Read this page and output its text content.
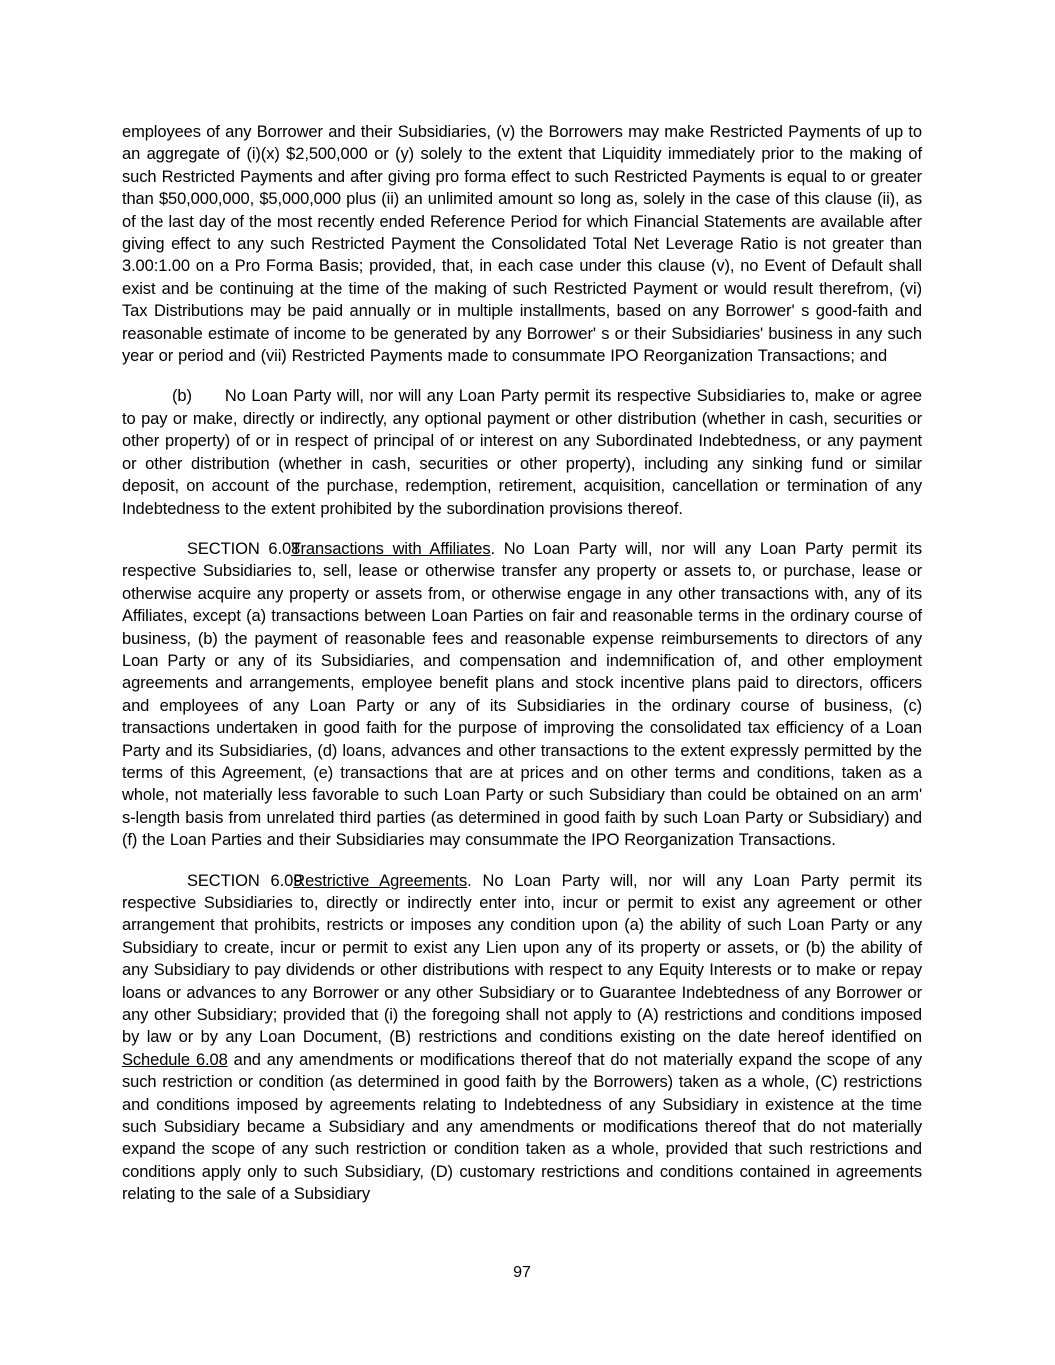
employees of any Borrower and their Subsidiaries, (v) the Borrowers may make Restricted Payments of up to an aggregate of (i)(x) $2,500,000 or (y) solely to the extent that Liquidity immediately prior to the making of such Restricted Payments and after giving pro forma effect to such Restricted Payments is equal to or greater than $50,000,000, $5,000,000 plus (ii) an unlimited amount so long as, solely in the case of this clause (ii), as of the last day of the most recently ended Reference Period for which Financial Statements are available after giving effect to any such Restricted Payment the Consolidated Total Net Leverage Ratio is not greater than 3.00:1.00 on a Pro Forma Basis; provided, that, in each case under this clause (v), no Event of Default shall exist and be continuing at the time of the making of such Restricted Payment or would result therefrom, (vi) Tax Distributions may be paid annually or in multiple installments, based on any Borrower' s good-faith and reasonable estimate of income to be generated by any Borrower' s or their Subsidiaries' business in any such year or period and (vii) Restricted Payments made to consummate IPO Reorganization Transactions; and

(b) No Loan Party will, nor will any Loan Party permit its respective Subsidiaries to, make or agree to pay or make, directly or indirectly, any optional payment or other distribution (whether in cash, securities or other property) of or in respect of principal of or interest on any Subordinated Indebtedness, or any payment or other distribution (whether in cash, securities or other property), including any sinking fund or similar deposit, on account of the purchase, redemption, retirement, acquisition, cancellation or termination of any Indebtedness to the extent prohibited by the subordination provisions thereof.

SECTION 6.08Transactions with Affiliates. No Loan Party will, nor will any Loan Party permit its respective Subsidiaries to, sell, lease or otherwise transfer any property or assets to, or purchase, lease or otherwise acquire any property or assets from, or otherwise engage in any other transactions with, any of its Affiliates, except (a) transactions between Loan Parties on fair and reasonable terms in the ordinary course of business, (b) the payment of reasonable fees and reasonable expense reimbursements to directors of any Loan Party or any of its Subsidiaries, and compensation and indemnification of, and other employment agreements and arrangements, employee benefit plans and stock incentive plans paid to directors, officers and employees of any Loan Party or any of its Subsidiaries in the ordinary course of business, (c) transactions undertaken in good faith for the purpose of improving the consolidated tax efficiency of a Loan Party and its Subsidiaries, (d) loans, advances and other transactions to the extent expressly permitted by the terms of this Agreement, (e) transactions that are at prices and on other terms and conditions, taken as a whole, not materially less favorable to such Loan Party or such Subsidiary than could be obtained on an arm' s-length basis from unrelated third parties (as determined in good faith by such Loan Party or Subsidiary) and (f) the Loan Parties and their Subsidiaries may consummate the IPO Reorganization Transactions.

SECTION 6.09Restrictive Agreements. No Loan Party will, nor will any Loan Party permit its respective Subsidiaries to, directly or indirectly enter into, incur or permit to exist any agreement or other arrangement that prohibits, restricts or imposes any condition upon (a) the ability of such Loan Party or any Subsidiary to create, incur or permit to exist any Lien upon any of its property or assets, or (b) the ability of any Subsidiary to pay dividends or other distributions with respect to any Equity Interests or to make or repay loans or advances to any Borrower or any other Subsidiary or to Guarantee Indebtedness of any Borrower or any other Subsidiary; provided that (i) the foregoing shall not apply to (A) restrictions and conditions imposed by law or by any Loan Document, (B) restrictions and conditions existing on the date hereof identified on Schedule 6.08 and any amendments or modifications thereof that do not materially expand the scope of any such restriction or condition (as determined in good faith by the Borrowers) taken as a whole, (C) restrictions and conditions imposed by agreements relating to Indebtedness of any Subsidiary in existence at the time such Subsidiary became a Subsidiary and any amendments or modifications thereof that do not materially expand the scope of any such restriction or condition taken as a whole, provided that such restrictions and conditions apply only to such Subsidiary, (D) customary restrictions and conditions contained in agreements relating to the sale of a Subsidiary

97
